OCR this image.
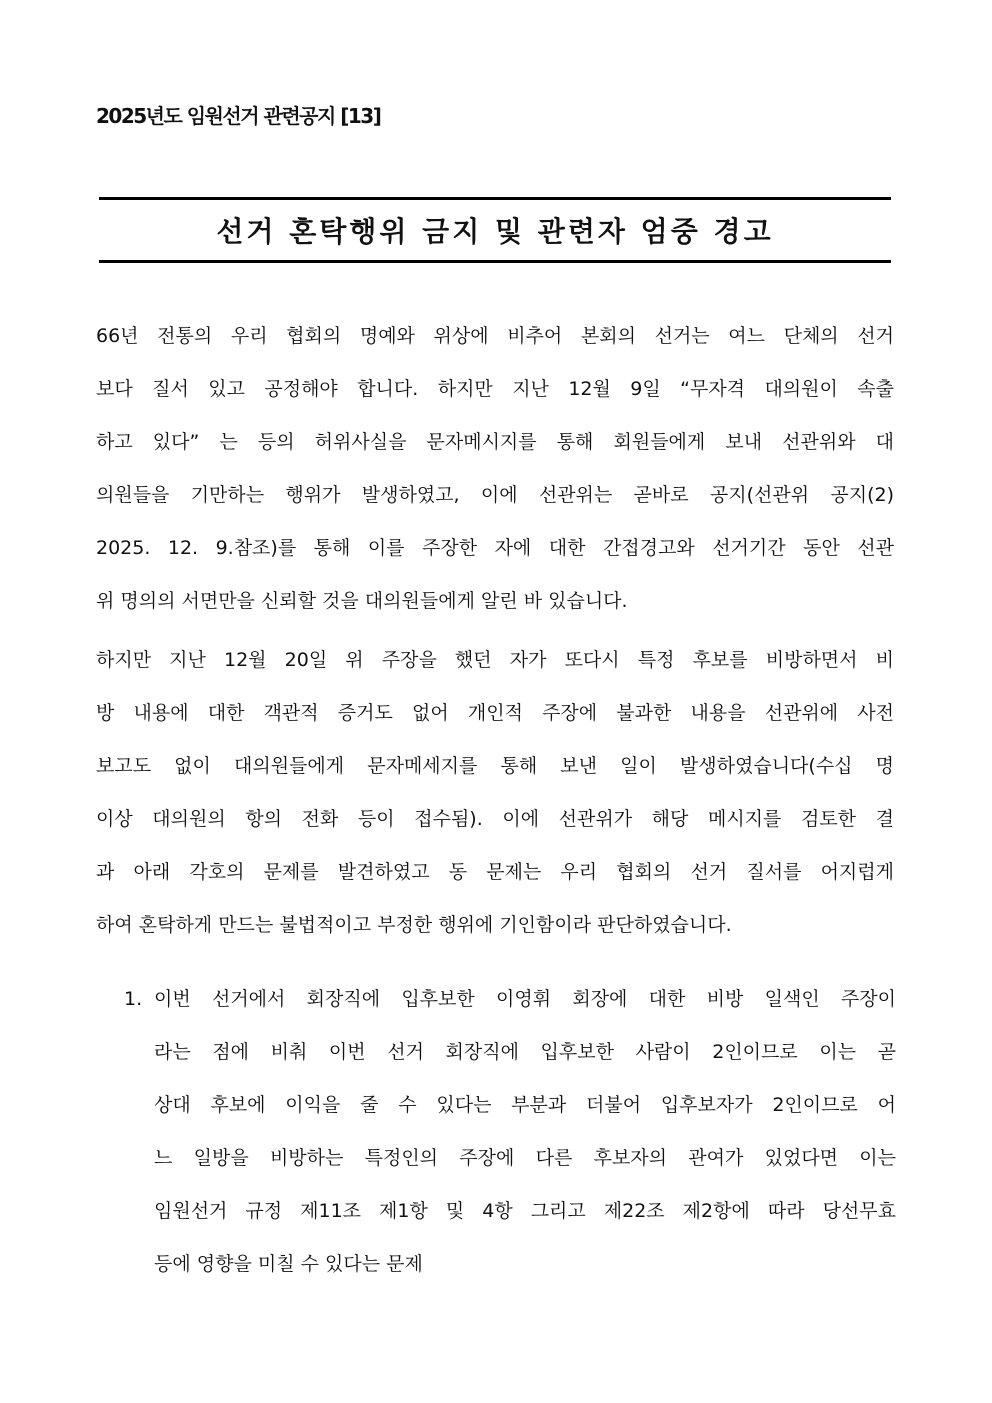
2025년도 임원선거 관련공지 [13]
선거 혼탁행위 금지 및 관련자 엄중 경고
66년 전통의 우리 협회의 명예와 위상에 비추어 본회의 선거는 여느 단체의 선거
보다 질서 있고 공정해야 합니다. 하지만 지난 12월 9일 “무자격 대의원이 속출
하고 있다” 는 등의 허위사실을 문자메시지를 통해 회원들에게 보내 선관위와 대
의원들을 기만하는 행위가 발생하였고, 이에 선관위는 곧바로 공지(선관위 공지(2)
2025. 12. 9.참조)를 통해 이를 주장한 자에 대한 간접경고와 선거기간 동안 선관
위 명의의 서면만을 신뢰할 것을 대의원들에게 알린 바 있습니다.
하지만 지난 12월 20일 위 주장을 했던 자가 또다시 특정 후보를 비방하면서 비
방 내용에 대한 객관적 증거도 없어 개인적 주장에 불과한 내용을 선관위에 사전
보고도 없이 대의원들에게 문자메세지를 통해 보낸 일이 발생하였습니다(수십 명
이상 대의원의 항의 전화 등이 접수됨). 이에 선관위가 해당 메시지를 검토한 결
과 아래 각호의 문제를 발견하였고 동 문제는 우리 협회의 선거 질서를 어지럽게
하여 혼탁하게 만드는 불법적이고 부정한 행위에 기인함이라 판단하였습니다.
1. 이번 선거에서 회장직에 입후보한 이영휘 회장에 대한 비방 일색인 주장이
라는 점에 비춰 이번 선거 회장직에 입후보한 사람이 2인이므로 이는 곧
상대 후보에 이익을 줄 수 있다는 부분과 더불어 입후보자가 2인이므로 어
느 일방을 비방하는 특정인의 주장에 다른 후보자의 관여가 있었다면 이는
임원선거 규정 제11조 제1항 및 4항 그리고 제22조 제2항에 따라 당선무효
등에 영향을 미칠 수 있다는 문제
